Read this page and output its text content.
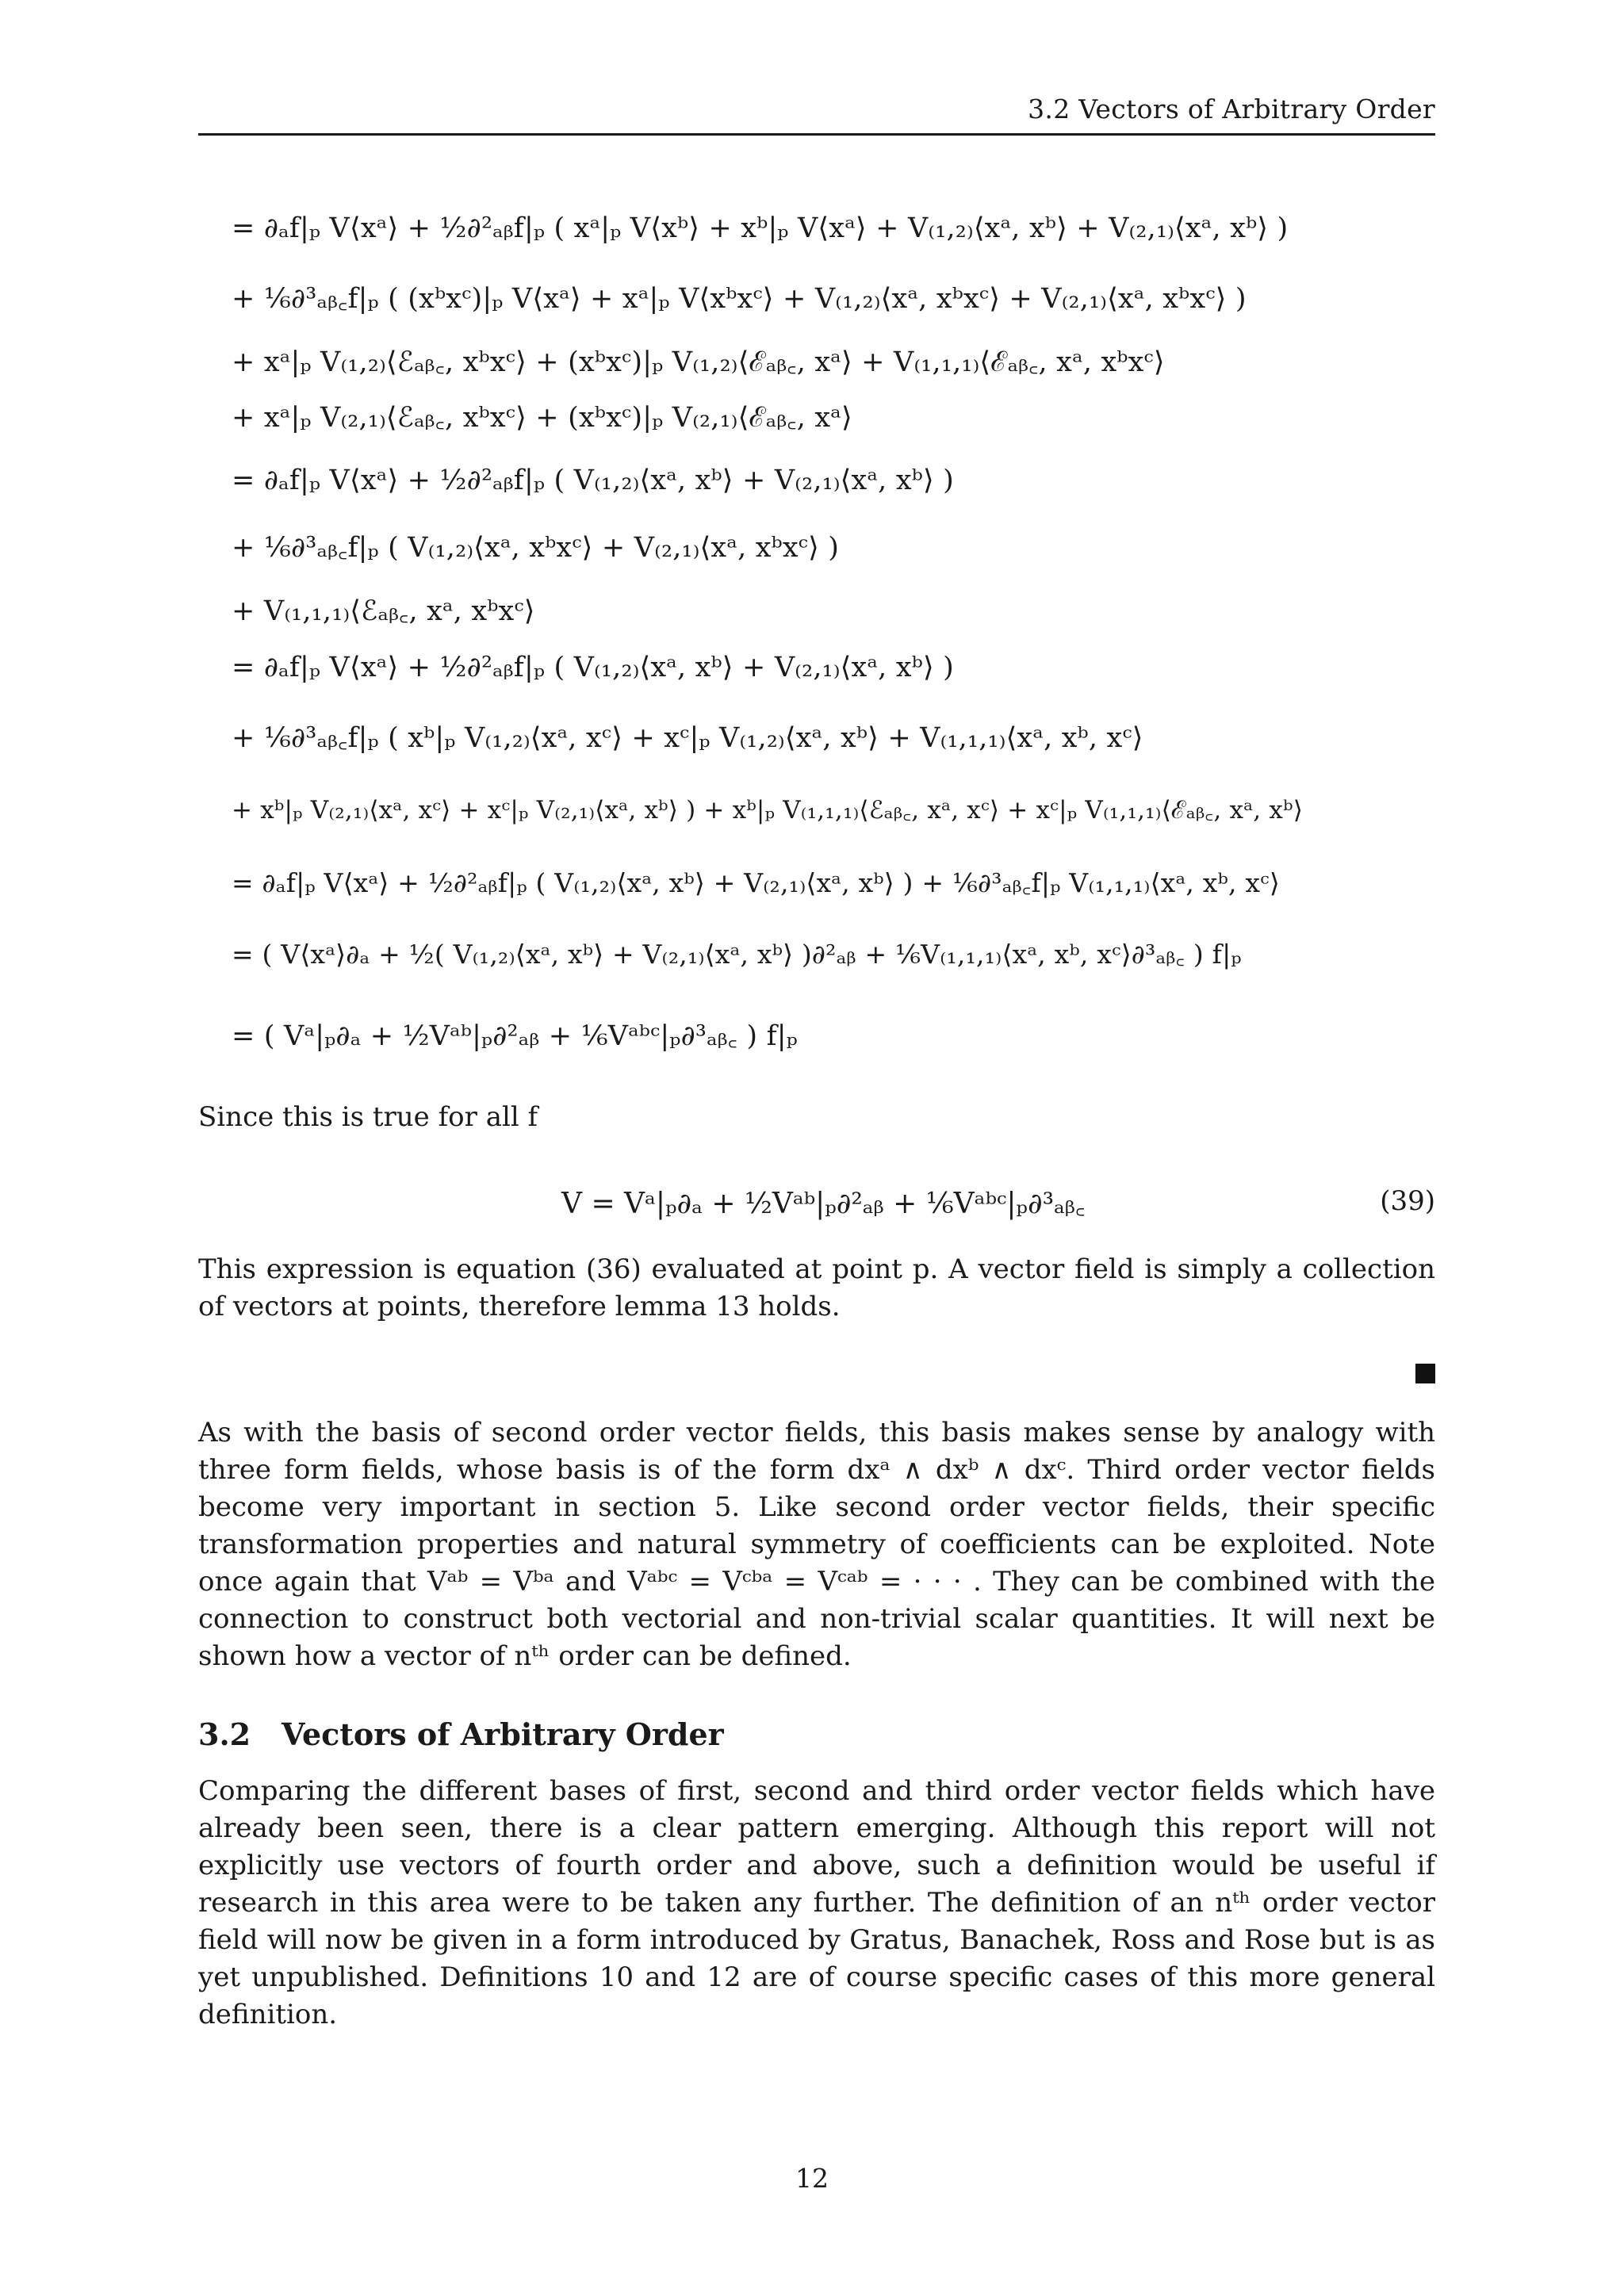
3.2 Vectors of Arbitrary Order
= ∂ₐf|ₚ V⟨xᵃ⟩ + ½∂²ₐᵦf|ₚ ( xᵃ|ₚ V⟨xᵇ⟩ + xᵇ|ₚ V⟨xᵃ⟩ + V₍₁,₂₎⟨xᵃ, xᵇ⟩ + V₍₂,₁₎⟨xᵃ, xᵇ⟩ )
+ ⅙∂³ₐᵦ꜀f|ₚ ( (xᵇxᶜ)|ₚ V⟨xᵃ⟩ + xᵃ|ₚ V⟨xᵇxᶜ⟩ + V₍₁,₂₎⟨xᵃ, xᵇxᶜ⟩ + V₍₂,₁₎⟨xᵃ, xᵇxᶜ⟩ )
+ xᵃ|ₚ V₍₁,₂₎⟨ℰₐᵦ꜀, xᵇxᶜ⟩ + (xᵇxᶜ)|ₚ V₍₁,₂₎⟨ℰₐᵦ꜀, xᵃ⟩ + V₍₁,₁,₁₎⟨ℰₐᵦ꜀, xᵃ, xᵇxᶜ⟩
+ xᵃ|ₚ V₍₂,₁₎⟨ℰₐᵦ꜀, xᵇxᶜ⟩ + (xᵇxᶜ)|ₚ V₍₂,₁₎⟨ℰₐᵦ꜀, xᵃ⟩
= ∂ₐf|ₚ V⟨xᵃ⟩ + ½∂²ₐᵦf|ₚ ( V₍₁,₂₎⟨xᵃ, xᵇ⟩ + V₍₂,₁₎⟨xᵃ, xᵇ⟩ )
+ ⅙∂³ₐᵦ꜀f|ₚ ( V₍₁,₂₎⟨xᵃ, xᵇxᶜ⟩ + V₍₂,₁₎⟨xᵃ, xᵇxᶜ⟩ )
+ V₍₁,₁,₁₎⟨ℰₐᵦ꜀, xᵃ, xᵇxᶜ⟩
= ∂ₐf|ₚ V⟨xᵃ⟩ + ½∂²ₐᵦf|ₚ ( V₍₁,₂₎⟨xᵃ, xᵇ⟩ + V₍₂,₁₎⟨xᵃ, xᵇ⟩ )
+ ⅙∂³ₐᵦ꜀f|ₚ ( xᵇ|ₚ V₍₁,₂₎⟨xᵃ, xᶜ⟩ + xᶜ|ₚ V₍₁,₂₎⟨xᵃ, xᵇ⟩ + V₍₁,₁,₁₎⟨xᵃ, xᵇ, xᶜ⟩
+ xᵇ|ₚ V₍₂,₁₎⟨xᵃ, xᶜ⟩ + xᶜ|ₚ V₍₂,₁₎⟨xᵃ, xᵇ⟩ ) + xᵇ|ₚ V₍₁,₁,₁₎⟨ℰₐᵦ꜀, xᵃ, xᶜ⟩ + xᶜ|ₚ V₍₁,₁,₁₎⟨ℰₐᵦ꜀, xᵃ, xᵇ⟩
= ∂ₐf|ₚ V⟨xᵃ⟩ + ½∂²ₐᵦf|ₚ ( V₍₁,₂₎⟨xᵃ, xᵇ⟩ + V₍₂,₁₎⟨xᵃ, xᵇ⟩ ) + ⅙∂³ₐᵦ꜀f|ₚ V₍₁,₁,₁₎⟨xᵃ, xᵇ, xᶜ⟩
= ( V⟨xᵃ⟩∂ₐ + ½( V₍₁,₂₎⟨xᵃ, xᵇ⟩ + V₍₂,₁₎⟨xᵃ, xᵇ⟩ )∂²ₐᵦ + ⅙V₍₁,₁,₁₎⟨xᵃ, xᵇ, xᶜ⟩∂³ₐᵦ꜀ ) f|ₚ
= ( Vᵃ|ₚ∂ₐ + ½Vᵃᵇ|ₚ∂²ₐᵦ + ⅙Vᵃᵇᶜ|ₚ∂³ₐᵦ꜀ ) f|ₚ
Since this is true for all f
V = Vᵃ|ₚ∂ₐ + ½Vᵃᵇ|ₚ∂²ₐᵦ + ⅙Vᵃᵇᶜ|ₚ∂³ₐᵦ꜀	(39)
This expression is equation (36) evaluated at point p. A vector field is simply a collection of vectors at points, therefore lemma 13 holds.
As with the basis of second order vector fields, this basis makes sense by analogy with three form fields, whose basis is of the form dxᵃ ∧ dxᵇ ∧ dxᶜ. Third order vector fields become very important in section 5. Like second order vector fields, their specific transformation properties and natural symmetry of coefficients can be exploited. Note once again that Vᵃᵇ = Vᵇᵃ and Vᵃᵇᶜ = Vᶜᵇᵃ = Vᶜᵃᵇ = · · · . They can be combined with the connection to construct both vectorial and non-trivial scalar quantities. It will next be shown how a vector of nᵗʰ order can be defined.
3.2 Vectors of Arbitrary Order
Comparing the different bases of first, second and third order vector fields which have already been seen, there is a clear pattern emerging. Although this report will not explicitly use vectors of fourth order and above, such a definition would be useful if research in this area were to be taken any further. The definition of an nᵗʰ order vector field will now be given in a form introduced by Gratus, Banachek, Ross and Rose but is as yet unpublished. Definitions 10 and 12 are of course specific cases of this more general definition.
12
